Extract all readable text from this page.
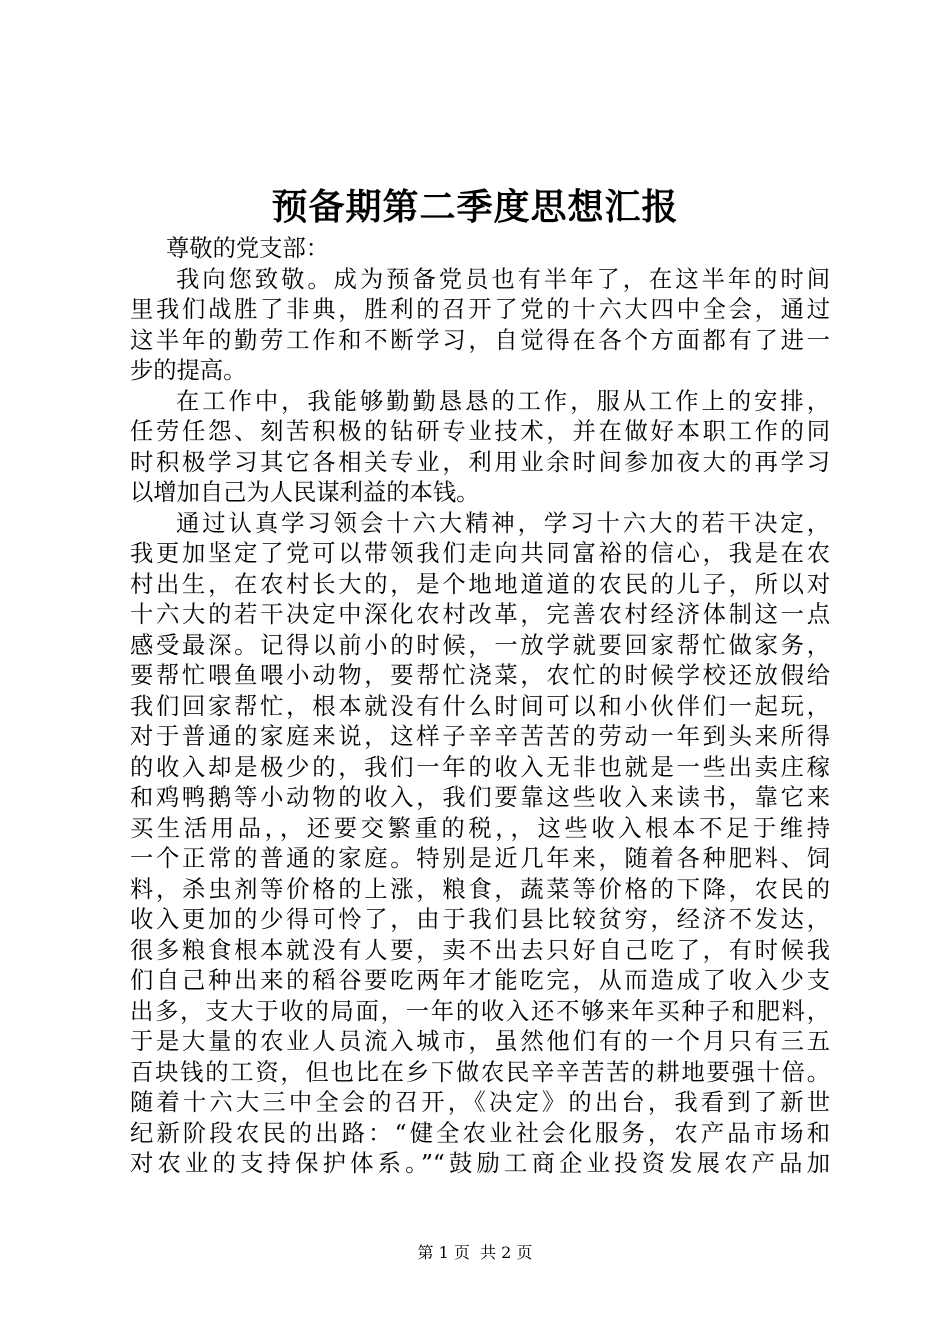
预备期第二季度思想汇报
尊敬的党支部：
我向您致敬。成为预备党员也有半年了，在这半年的时间
里我们战胜了非典，胜利的召开了党的十六大四中全会，通过
这半年的勤劳工作和不断学习，自觉得在各个方面都有了进一
步的提高。
在工作中，我能够勤勤恳恳的工作，服从工作上的安排，
任劳任怨、刻苦积极的钻研专业技术，并在做好本职工作的同
时积极学习其它各相关专业，利用业余时间参加夜大的再学习
以增加自己为人民谋利益的本钱。
通过认真学习领会十六大精神，学习十六大的若干决定，
我更加坚定了党可以带领我们走向共同富裕的信心，我是在农
村出生，在农村长大的，是个地地道道的农民的儿子，所以对
十六大的若干决定中深化农村改革，完善农村经济体制这一点
感受最深。记得以前小的时候，一放学就要回家帮忙做家务，
要帮忙喂鱼喂小动物，要帮忙浇菜，农忙的时候学校还放假给
我们回家帮忙，根本就没有什么时间可以和小伙伴们一起玩，
对于普通的家庭来说，这样子辛辛苦苦的劳动一年到头来所得
的收入却是极少的，我们一年的收入无非也就是一些出卖庄稼
和鸡鸭鹅等小动物的收入，我们要靠这些收入来读书，靠它来
买生活用品，，还要交繁重的税，，这些收入根本不足于维持
一个正常的普通的家庭。特别是近几年来，随着各种肥料、饲
料，杀虫剂等价格的上涨，粮食，蔬菜等价格的下降，农民的
收入更加的少得可怜了，由于我们县比较贫穷，经济不发达，
很多粮食根本就没有人要，卖不出去只好自己吃了，有时候我
们自己种出来的稻谷要吃两年才能吃完，从而造成了收入少支
出多，支大于收的局面，一年的收入还不够来年买种子和肥料，
于是大量的农业人员流入城市，虽然他们有的一个月只有三五
百块钱的工资，但也比在乡下做农民辛辛苦苦的耕地要强十倍。
随着十六大三中全会的召开，《决定》的出台，我看到了新世
纪新阶段农民的出路：“健全农业社会化服务，农产品市场和
对农业的支持保护体系。”“鼓励工商企业投资发展农产品加
第 1 页  共 2 页
